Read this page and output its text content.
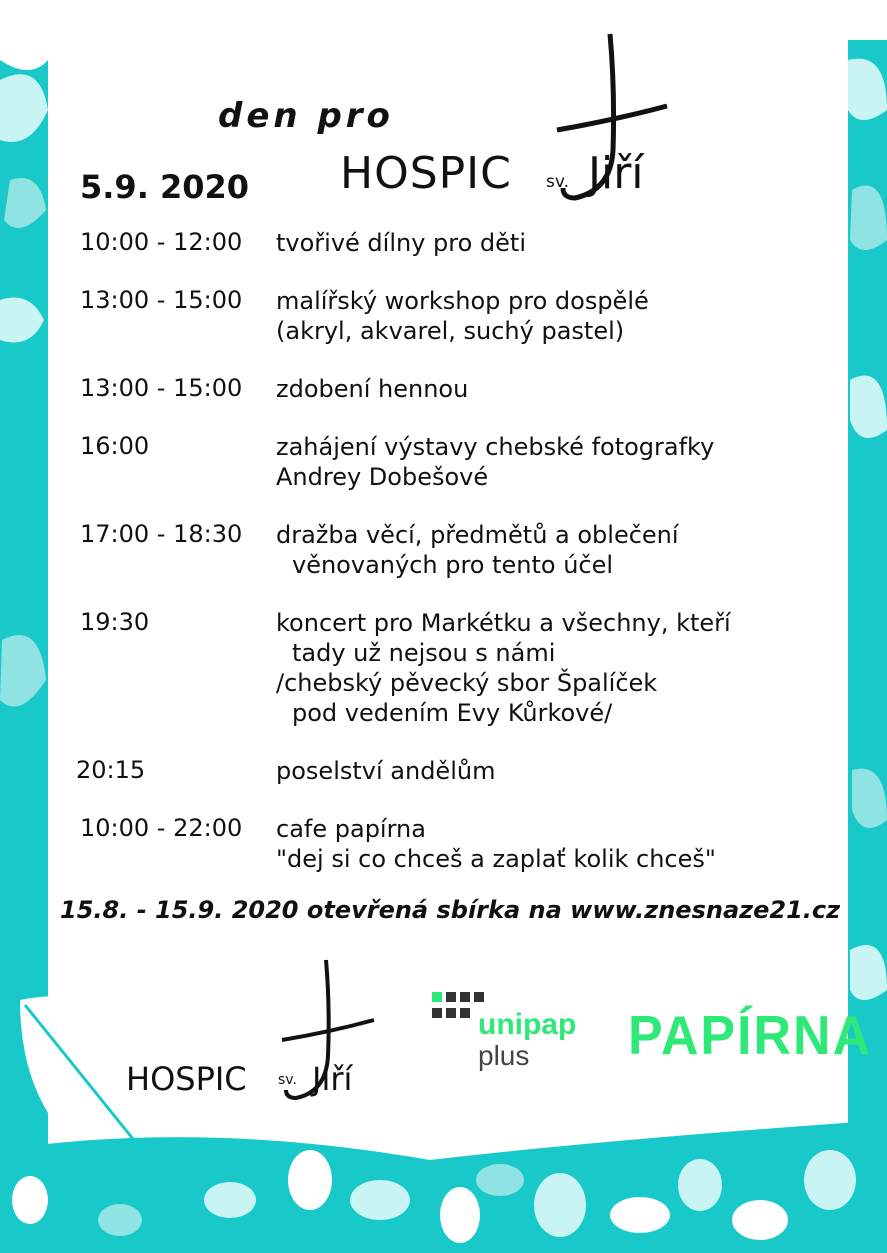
den pro
HOSPIC sv. Jiří
5.9. 2020
10:00 - 12:00 tvořivé dílny pro děti
13:00 - 15:00 malířský workshop pro dospělé
(akryl, akvarel, suchý pastel)
13:00 - 15:00 zdobení hennou
16:00	zahájení výstavy chebské fotografky
Andrey Dobešové
17:00 - 18:30 dražba věcí, předmětů a oblečení
věnovaných pro tento účel
19:30	koncert pro Markétku a všechny, kteří
tady už nejsou s námi
/chebský pěvecký sbor Špalíček
pod vedením Evy Kůrkové/
20:15	poselství andělům
10:00 - 22:00 cafe papírna
"dej si co chceš a zaplať kolik chceš"
15.8. - 15.9. 2020 otevřená sbírka na www.znesnaze21.cz
HOSPIC sv. Jiří
unipap
plus PAPÍRNA
